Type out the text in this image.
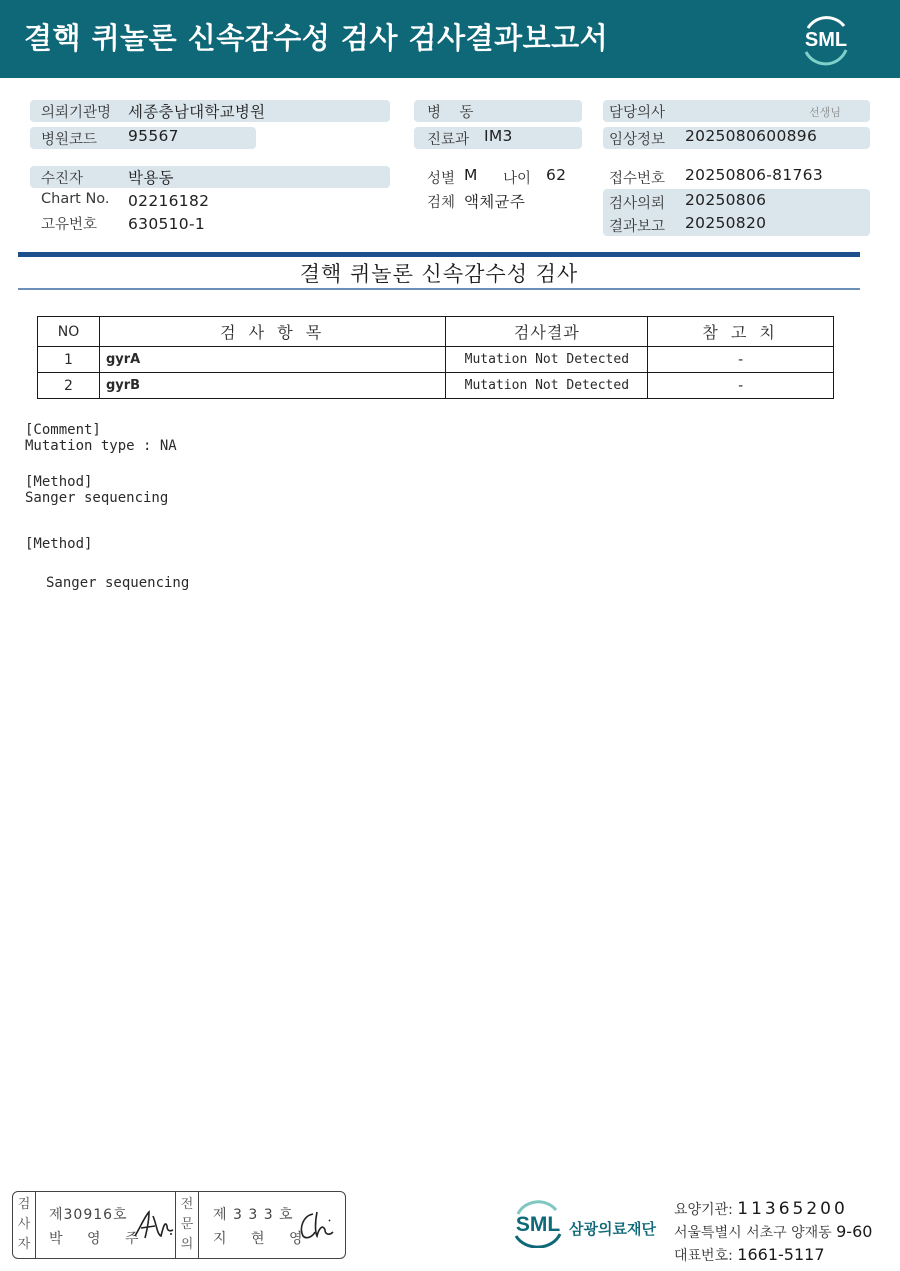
결핵 퀴놀론 신속감수성 검사 검사결과보고서	SML
의뢰기관명 세종충남대학교병원
병원코드 95567
수진자	박용동
Chart No. 02216182
고유번호 630510-1
병    동
진료과 IM3
성별 M 나이 62
검체 액체균주
담당의사	선생님
임상정보 2025080600896
접수번호 20250806-81763
검사의뢰 20250806
결과보고 20250820
결핵 퀴놀론 신속감수성 검사
NO	검 사 항 목	검사결과	참 고 치
1	gyrA	Mutation Not Detected	-
2	gyrB	Mutation Not Detected	-
[Comment]
Mutation type : NA
[Method]
Sanger sequencing
[Method]
Sanger sequencing
검
사
자
제30916호
박 영 주
전
문
의
제 3 3 3 호
지 현 영
SML 삼광의료재단
요양기관: 11365200
서울특별시 서초구 양재동 9-60
대표번호: 1661-5117
